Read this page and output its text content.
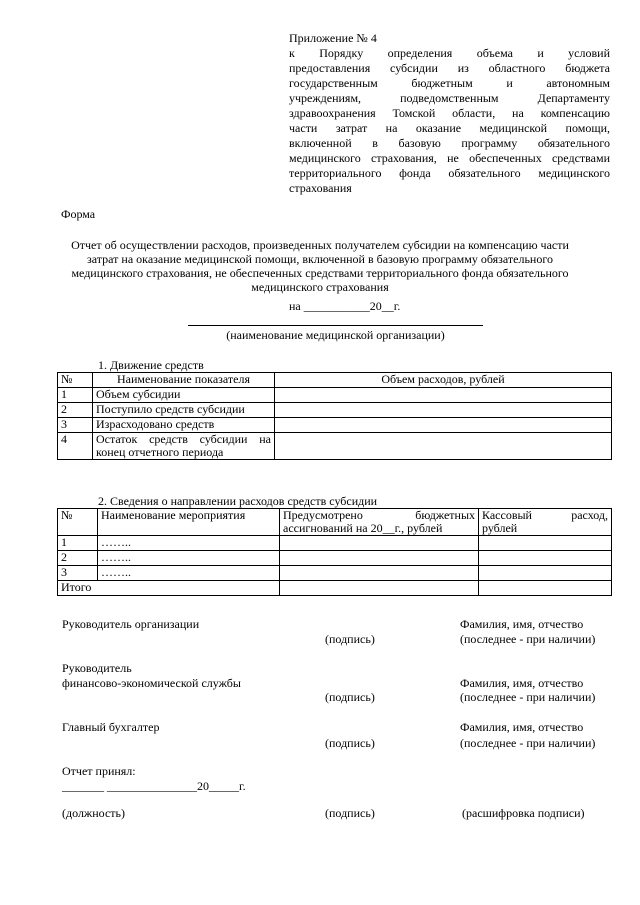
Приложение № 4
к Порядку определения объема и условий
предоставления субсидии из областного бюджета
государственным бюджетным и автономным
учреждениям, подведомственным Департаменту
здравоохранения Томской области, на компенсацию
части затрат на оказание медицинской помощи,
включенной в базовую программу обязательного
медицинского страхования, не обеспеченных средствами
территориального фонда обязательного медицинского
страхования
Форма
Отчет об осуществлении расходов, произведенных получателем субсидии на компенсацию части затрат на оказание медицинской помощи, включенной в базовую программу обязательного медицинского страхования, не обеспеченных средствами территориального фонда обязательного медицинского страхования
на ___________20__г.
(наименование медицинской организации)
1. Движение средств
№	Наименование показателя	Объем расходов, рублей
1	Объем субсидии	
2	Поступило средств субсидии	
3	Израсходовано средств	
4	Остаток средств субсидии на конец отчетного периода	
2. Сведения о направлении расходов средств субсидии
№	Наименование мероприятия	Предусмотрено бюджетных ассигнований на 20__г., рублей	Кассовый расход, рублей
1	……..		
2	……..		
3	……..		
Итого			
Руководитель организации	Фамилия, имя, отчество
(подпись)	(последнее - при наличии)
Руководитель
финансово-экономической службы	Фамилия, имя, отчество
(подпись)	(последнее - при наличии)
Главный бухгалтер	Фамилия, имя, отчество
(подпись)	(последнее - при наличии)
Отчет принял:
_______ _______________20_____г.
(должность)	(подпись)	(расшифровка подписи)
